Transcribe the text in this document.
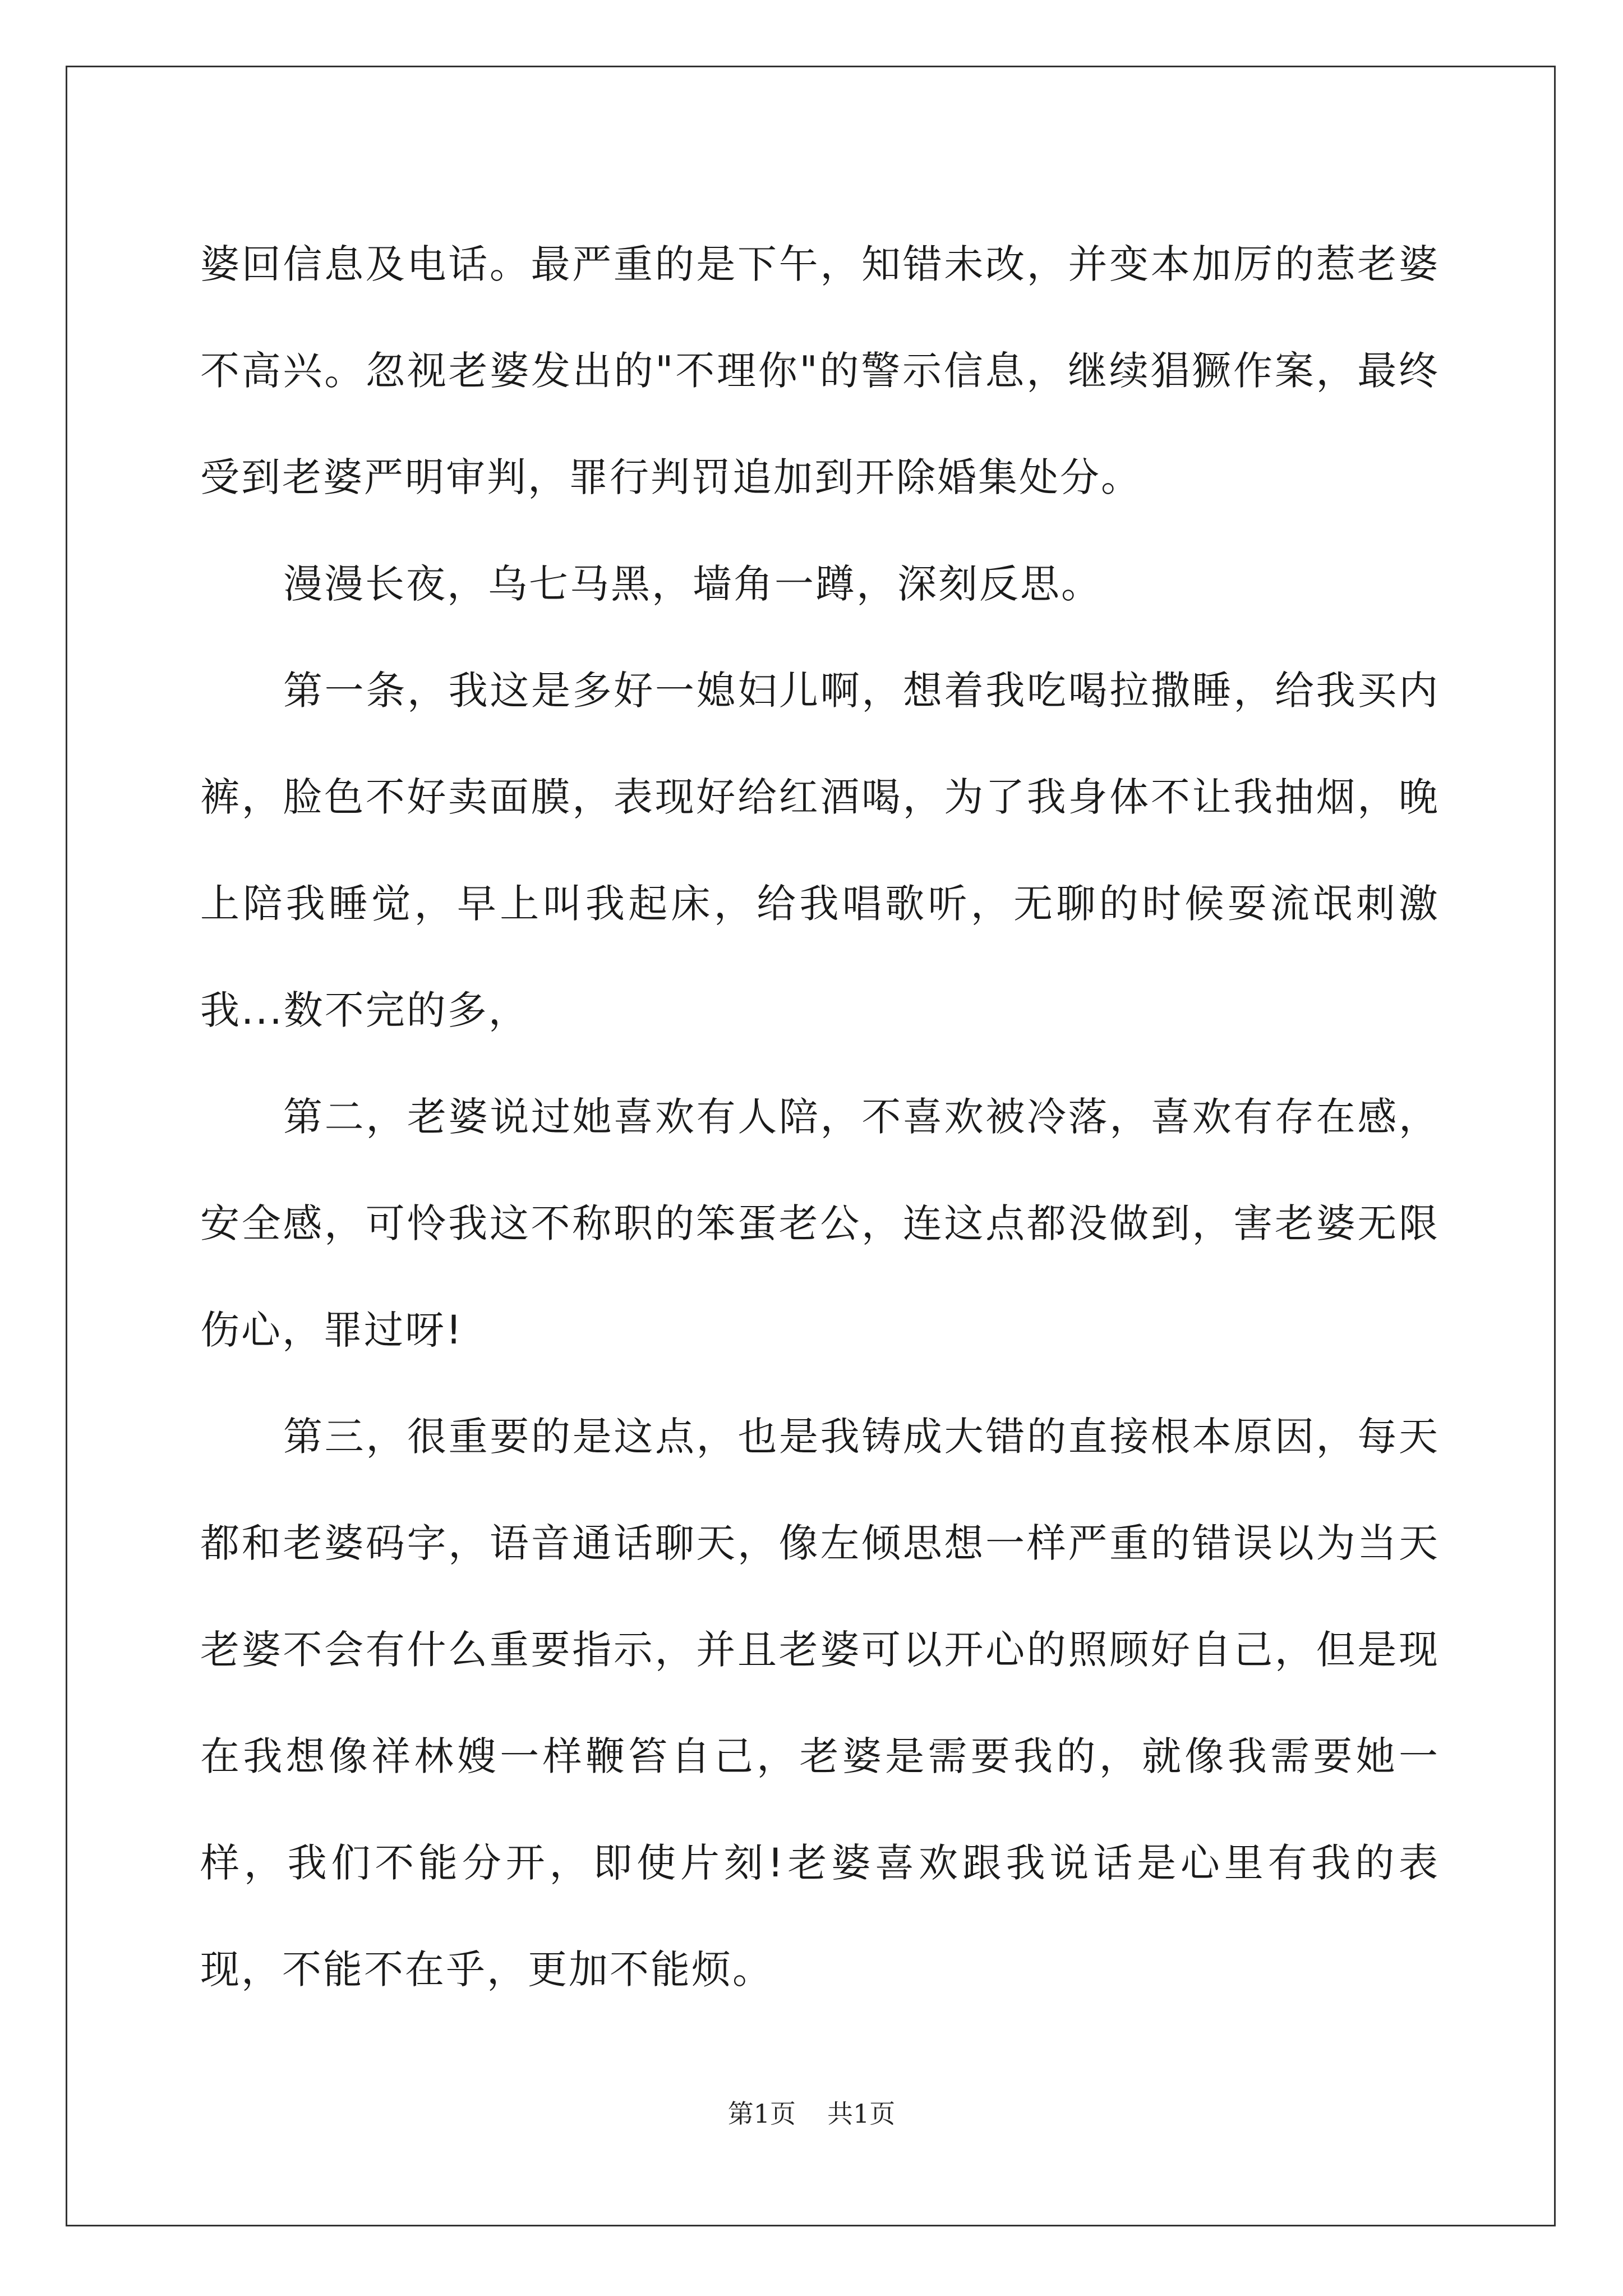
婆回信息及电话。最严重的是下午，知错未改，并变本加厉的惹老婆不高兴。忽视老婆发出的"不理你"的警示信息，继续猖獗作案，最终受到老婆严明审判，罪行判罚追加到开除婚集处分。

漫漫长夜，乌七马黑，墙角一蹲，深刻反思。

第一条，我这是多好一媳妇儿啊，想着我吃喝拉撒睡，给我买内裤，脸色不好卖面膜，表现好给红酒喝，为了我身体不让我抽烟，晚上陪我睡觉，早上叫我起床，给我唱歌听，无聊的时候耍流氓刺激我...数不完的多，

第二，老婆说过她喜欢有人陪，不喜欢被冷落，喜欢有存在感，安全感，可怜我这不称职的笨蛋老公，连这点都没做到，害老婆无限伤心，罪过呀!

第三，很重要的是这点，也是我铸成大错的直接根本原因，每天都和老婆码字，语音通话聊天，像左倾思想一样严重的错误以为当天老婆不会有什么重要指示，并且老婆可以开心的照顾好自己，但是现在我想像祥林嫂一样鞭笞自己，老婆是需要我的，就像我需要她一样，我们不能分开，即使片刻!老婆喜欢跟我说话是心里有我的表现，不能不在乎，更加不能烦。

第1页 共1页
